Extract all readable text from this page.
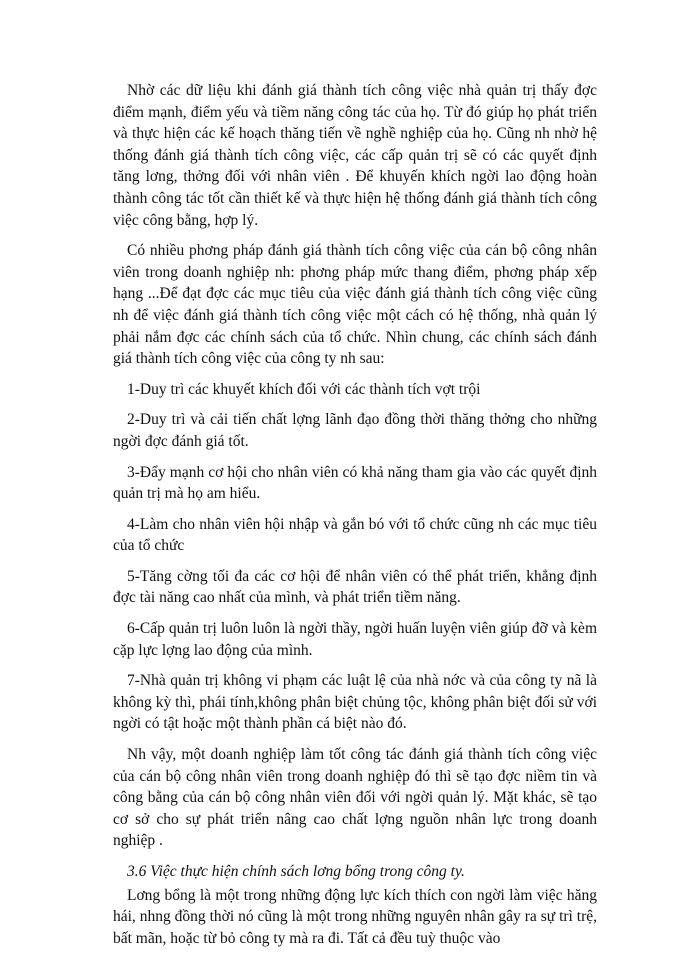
Nhờ các dữ liệu khi đánh giá thành tích công việc nhà quản trị thấy đợc điểm mạnh, điểm yếu và tiềm năng công tác của họ. Từ đó giúp họ phát triển và thực hiện các kế hoạch thăng tiến về nghề nghiệp của họ. Cũng nh nhờ hệ thống đánh giá thành tích công việc, các cấp quản trị sẽ có các quyết định tăng lơng, thởng đối với nhân viên . Để khuyến khích ngời lao động hoàn thành công tác tốt cần thiết kế và thực hiện hệ thống đánh giá thành tích công việc công bằng, hợp lý.

Có nhiều phơng pháp đánh giá thành tích công việc của cán bộ công nhân viên trong doanh nghiệp nh: phơng pháp mức thang điểm, phơng pháp xếp hạng ...Để đạt đợc các mục tiêu của việc đánh giá thành tích công việc cũng nh để việc đánh giá thành tích công việc một cách có hệ thống, nhà quản lý phải nắm đợc các chính sách của tổ chức. Nhìn chung, các chính sách đánh giá thành tích công việc của công ty nh sau:

1-Duy trì các khuyết khích đối với các thành tích vợt trội

2-Duy trì và cải tiến chất lợng lãnh đạo đồng thời thăng thởng cho những ngời đợc đánh giá tốt.

3-Đẩy mạnh cơ hội cho nhân viên có khả năng tham gia vào các quyết định quản trị mà họ am hiểu.

4-Làm cho nhân viên hội nhập và gắn bó với tổ chức cũng nh các mục tiêu của tổ chức

5-Tăng cờng tối đa các cơ hội để nhân viên có thể phát triển, khẳng định đợc tài năng cao nhất của mình, và phát triển tiềm năng.

6-Cấp quản trị luôn luôn là ngời thầy, ngời huấn luyện viên giúp đỡ và kèm cặp lực lợng lao động của mình.

7-Nhà quản trị không vi phạm các luật lệ của nhà nớc và của công ty nã là không kỳ thì, phái tính,không phân biệt chủng tộc, không phân biệt đối sử với ngời có tật hoặc một thành phần cá biệt nào đó.

Nh vậy, một doanh nghiệp làm tốt công tác đánh giá thành tích công việc của cán bộ công nhân viên trong doanh nghiệp đó thì sẽ tạo đợc niềm tin và công bằng của cán bộ công nhân viên đối với ngời quản lý. Mặt khác, sẽ tạo cơ sở cho sự phát triển nâng cao chất lợng nguồn nhân lực trong doanh nghiệp .

3.6 Việc thực hiện chính sách lơng bổng trong công ty.

Lơng bổng là một trong những động lực kích thích con ngời làm việc hăng hái, nhng đồng thời nó cũng là một trong những nguyên nhân gây ra sự trì trệ, bất mãn, hoặc từ bỏ công ty mà ra đi. Tất cả đều tuỳ thuộc vào
